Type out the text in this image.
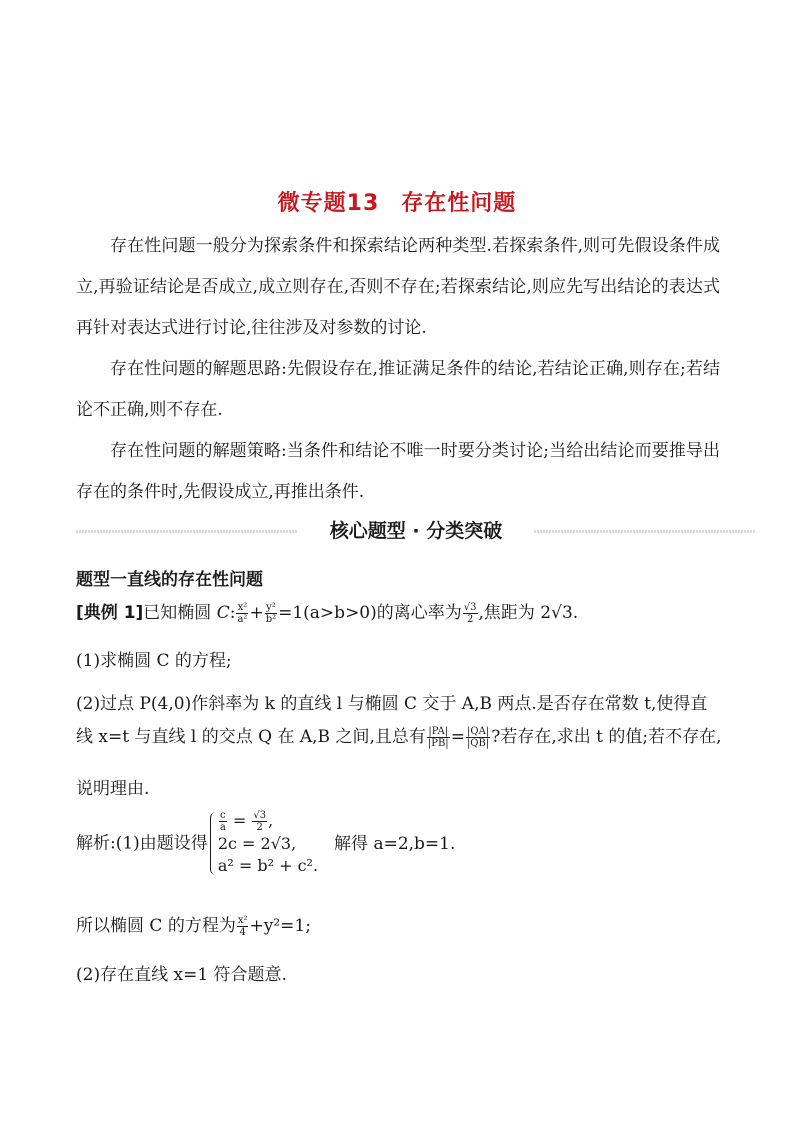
微专题13 存在性问题
存在性问题一般分为探索条件和探索结论两种类型.若探索条件,则可先假设条件成立,再验证结论是否成立,成立则存在,否则不存在;若探索结论,则应先写出结论的表达式再针对表达式进行讨论,往往涉及对参数的讨论.
存在性问题的解题思路:先假设存在,推证满足条件的结论,若结论正确,则存在;若结论不正确,则不存在.
存在性问题的解题策略:当条件和结论不唯一时要分类讨论;当给出结论而要推导出存在的条件时,先假设成立,再推出条件.
核心题型 · 分类突破
题型一直线的存在性问题
[典例 1]已知椭圆 C: $\frac{\text{x²}}{\text{a²}} + \frac{\text{y²}}{\text{b²}} =1(a>b>0)$的离心率为 $\frac{√3}{2}$ ,焦距为 2√3.
(1)求椭圆 C 的方程;
(2)过点 P(4,0)作斜率为 k 的直线 l 与椭圆 C 交于 A,B 两点.是否存在常数 t,使得直
线 x=t 与直线 l 的交点 Q 在 A,B 之间,且总有 $\frac{|PA|}{|PB|} = \frac{|QA|}{|QB|}$ ?若存在,求出 t 的值;若不存在,
说明理由.
解析:(1)由题设得
$\frac{c}{a} = \frac{√3}{2}$ ,
2c = 2√3,
a² = b² + c².
解得 a=2,b=1.
所以椭圆 C 的方程为 $\frac{\text{x²}}{4} +y^2=1$;
(2)存在直线 x=1 符合题意.
